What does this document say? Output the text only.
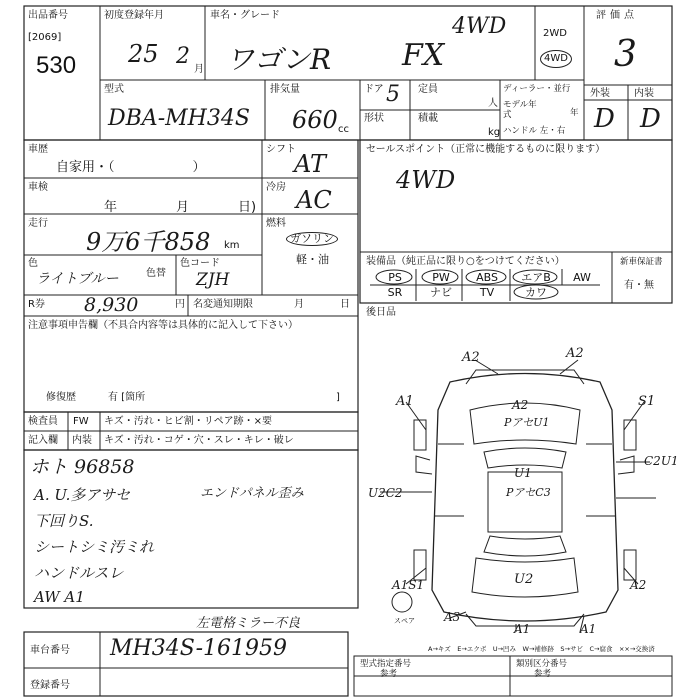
出品番号
[2069]
530
初度登録年月
25 2
月
車名・グレード
ワゴンR FX
4WD	2WD
4WD
評価点
3
外装 内装
D D
型式
DBA-MH34S
排気量
660 cc
ドア 5 定員
人
形状	積載
kg
ディーラー・並行
モデル年式	年
ハンドル 左・右
車歴
自家用・（　　　　　　）
車検
年	月	日)
走行
9万6千858 km
色
ライトブルー	色替
色コード
ZJH
R券 8,930	円 名変通知期限	月	日
シフト
AT
冷房 AC
燃料
ガソリン
軽・油
注意事項申告欄（不具合内容等は具体的に記入して下さい）
修復歴	有 [箇所	]
セールスポイント（正常に機能するものに限ります）
4WD
装備品（純正品に限り○をつけてください）
PS	PW	ABS	エアB	AW
SR	ナビ	TV	カワ
新車保証書
有・無
後日品
検査員
記入欄
FW キズ・汚れ・ヒビ割・リペア跡・×要
内装 キズ・汚れ・コゲ・穴・スレ・キレ・破レ
ホト 96858
A. U.多アサセ
下回りS.
シートシミ汚ミれ
ハンドルスレ
AW A1
左電格ミラー不良
エンドパネル歪み
A2	A2
A1	S1
A2
PアセU1
C2U1
U2C2
U1
PアセC3
U2
A1S1	A2
A3
A1	A1
スペア
A→キズ　E→エクボ　U→凹み　W→補修跡　S→サビ　C→腐食　××→交換済
車台番号 MH34S-161959
登録番号
型式指定番号
参考
類別区分番号
参考
